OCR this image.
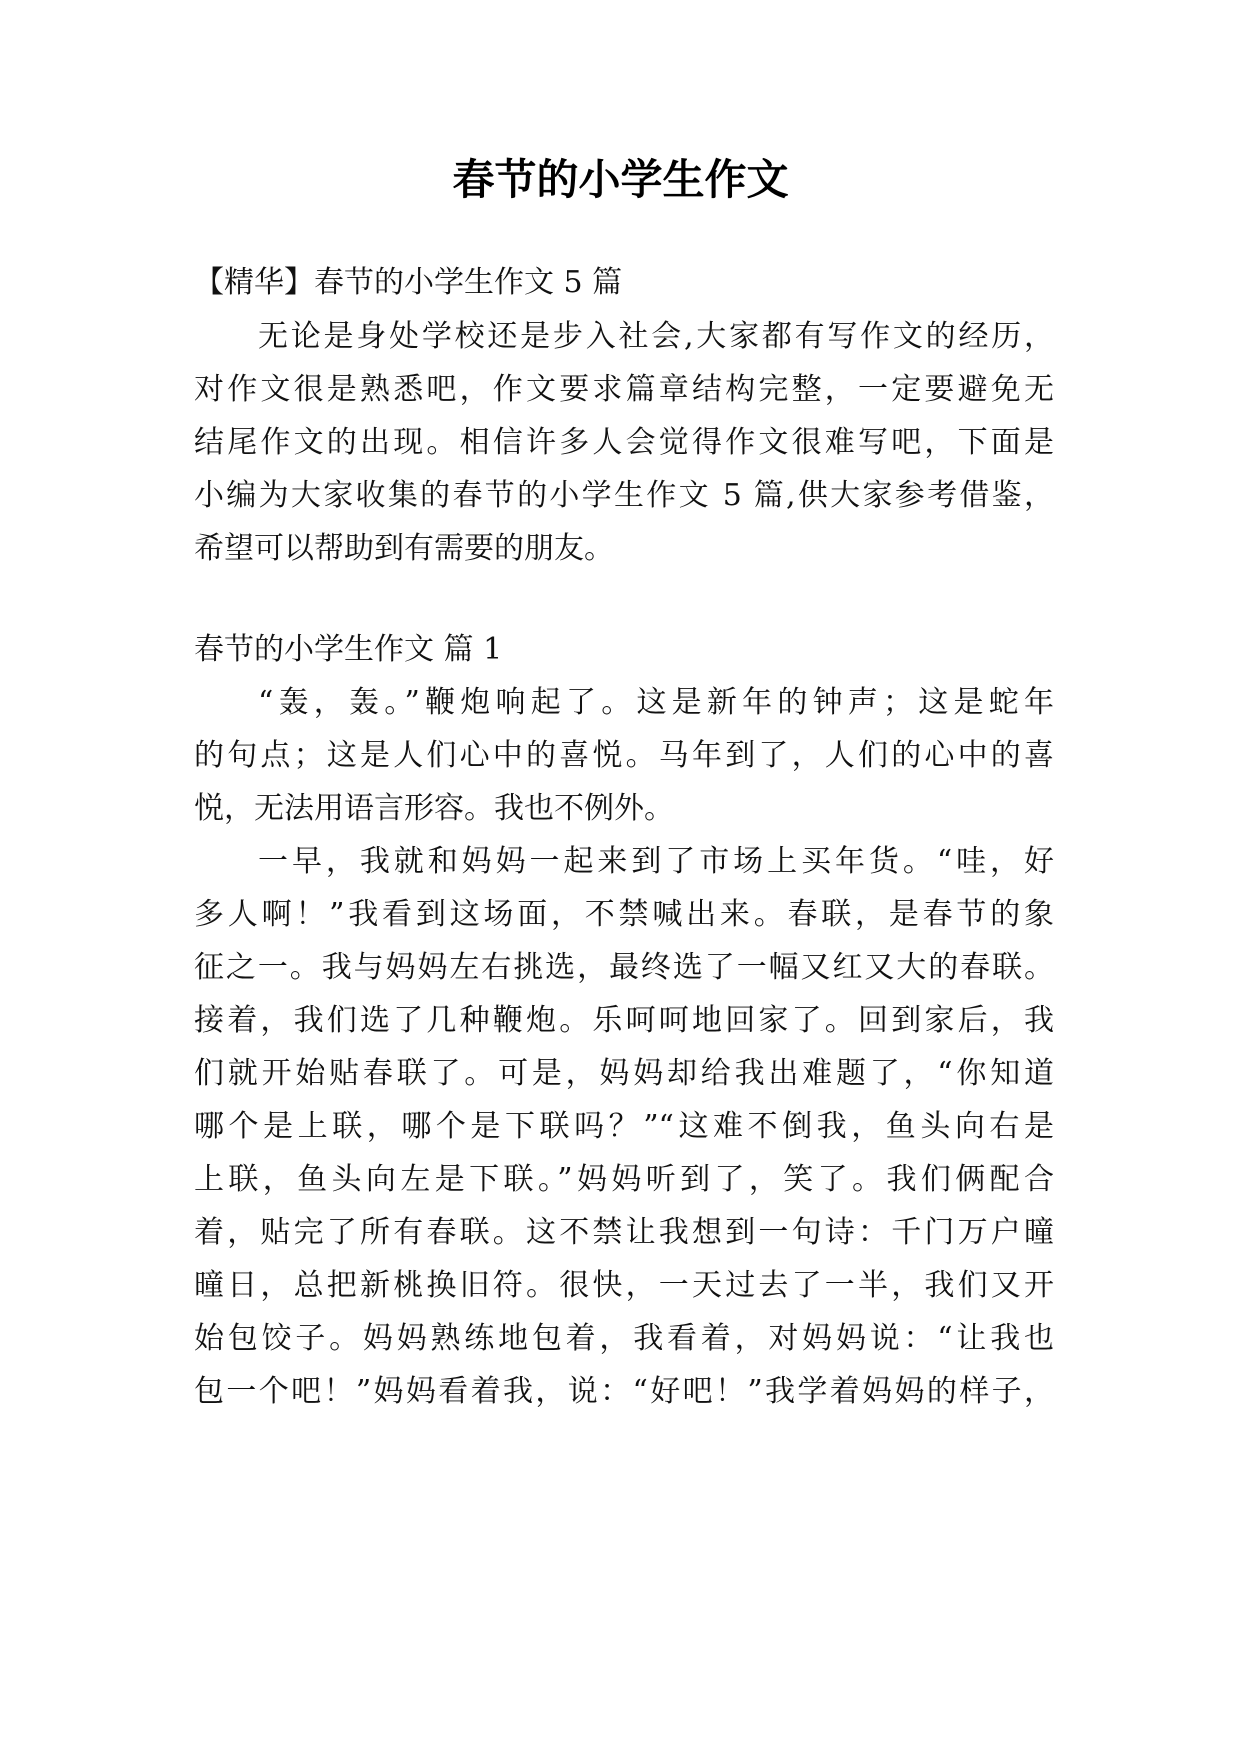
春节的小学生作文

【精华】春节的小学生作文 5 篇

无论是身处学校还是步入社会,大家都有写作文的经历，

对作文很是熟悉吧，作文要求篇章结构完整，一定要避免无

结尾作文的出现。相信许多人会觉得作文很难写吧，下面是

小编为大家收集的春节的小学生作文 5 篇,供大家参考借鉴，

希望可以帮助到有需要的朋友。

春节的小学生作文 篇 1

“轰，轰。”鞭炮响起了。这是新年的钟声；这是蛇年

的句点；这是人们心中的喜悦。马年到了，人们的心中的喜

悦，无法用语言形容。我也不例外。

一早，我就和妈妈一起来到了市场上买年货。“哇，好

多人啊！”我看到这场面，不禁喊出来。春联，是春节的象

征之一。我与妈妈左右挑选，最终选了一幅又红又大的春联。

接着，我们选了几种鞭炮。乐呵呵地回家了。回到家后，我

们就开始贴春联了。可是，妈妈却给我出难题了，“你知道

哪个是上联，哪个是下联吗？”“这难不倒我，鱼头向右是

上联，鱼头向左是下联。”妈妈听到了，笑了。我们俩配合

着，贴完了所有春联。这不禁让我想到一句诗：千门万户曈

曈日，总把新桃换旧符。很快，一天过去了一半，我们又开

始包饺子。妈妈熟练地包着，我看着，对妈妈说：“让我也

包一个吧！”妈妈看着我，说：“好吧！”我学着妈妈的样子，
